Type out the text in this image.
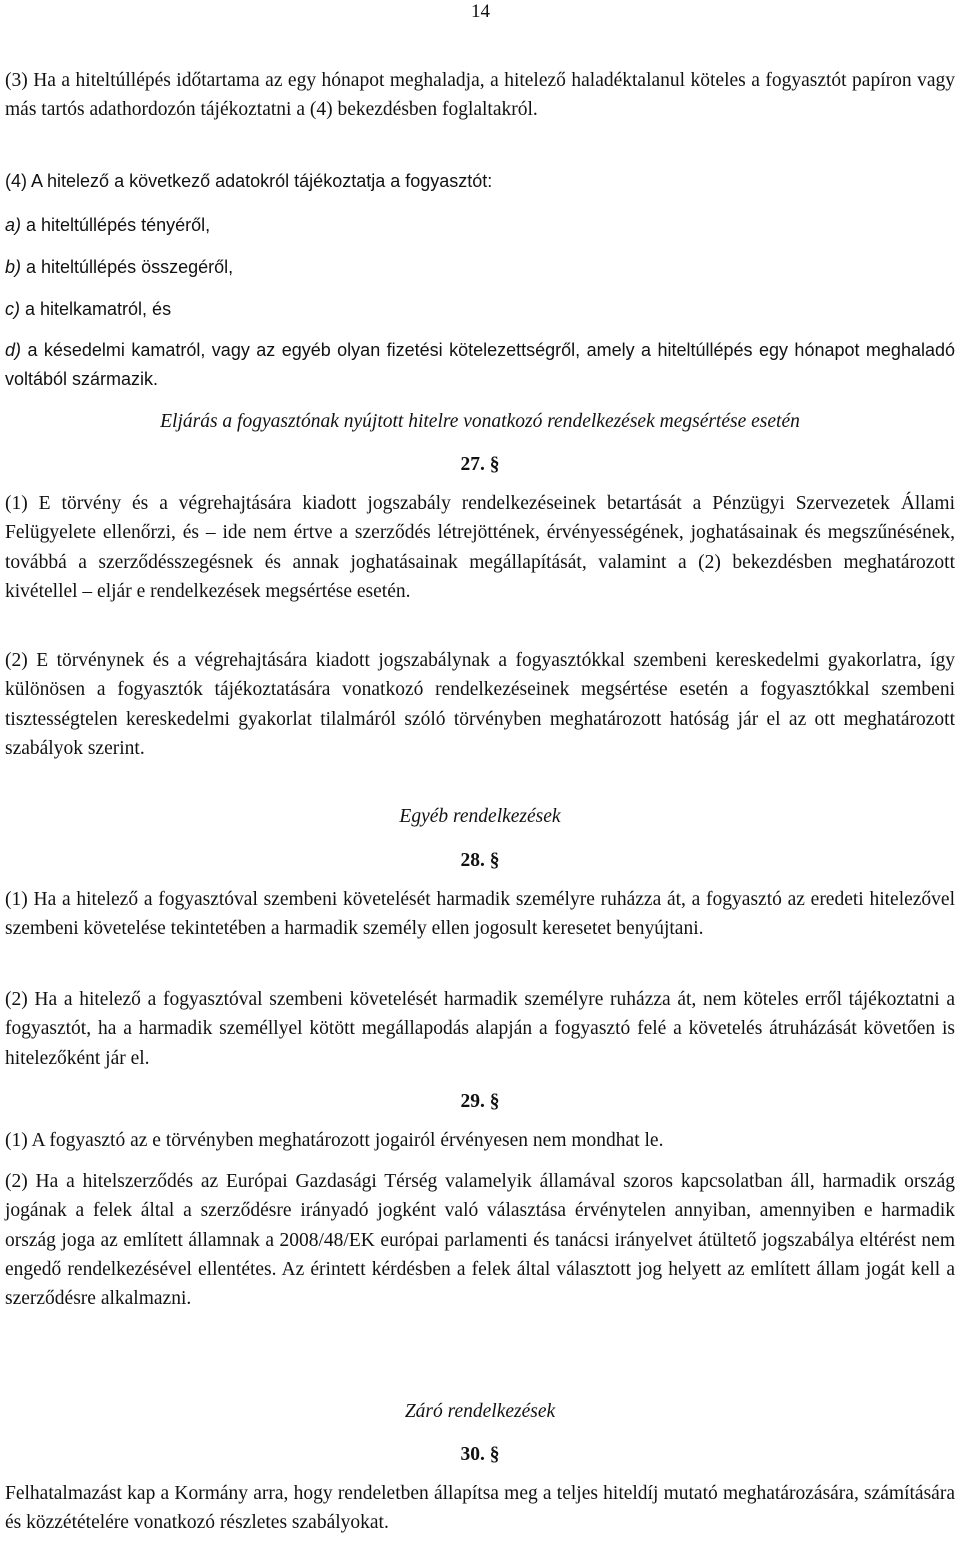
14

(3) Ha a hiteltúllépés időtartama az egy hónapot meghaladja, a hitelező haladéktalanul köteles a fogyasztót papíron vagy más tartós adathordozón tájékoztatni a (4) bekezdésben foglaltakról.

(4) A hitelező a következő adatokról tájékoztatja a fogyasztót:

a) a hiteltúllépés tényéről,

b) a hiteltúllépés összegéről,

c) a hitelkamatról, és

d) a késedelmi kamatról, vagy az egyéb olyan fizetési kötelezettségről, amely a hiteltúllépés egy hónapot meghaladó voltából származik.

Eljárás a fogyasztónak nyújtott hitelre vonatkozó rendelkezések megsértése esetén

27. §

(1) E törvény és a végrehajtására kiadott jogszabály rendelkezéseinek betartását a Pénzügyi Szervezetek Állami Felügyelete ellenőrzi, és – ide nem értve a szerződés létrejöttének, érvényességének, joghatásainak és megszűnésének, továbbá a szerződésszegésnek és annak joghatásainak megállapítását, valamint a (2) bekezdésben meghatározott kivétellel – eljár e rendelkezések megsértése esetén.

(2) E törvénynek és a végrehajtására kiadott jogszabálynak a fogyasztókkal szembeni kereskedelmi gyakorlatra, így különösen a fogyasztók tájékoztatására vonatkozó rendelkezéseinek megsértése esetén a fogyasztókkal szembeni tisztességtelen kereskedelmi gyakorlat tilalmáról szóló törvényben meghatározott hatóság jár el az ott meghatározott szabályok szerint.

Egyéb rendelkezések

28. §

(1) Ha a hitelező a fogyasztóval szembeni követelését harmadik személyre ruházza át, a fogyasztó az eredeti hitelezővel szembeni követelése tekintetében a harmadik személy ellen jogosult keresetet benyújtani.

(2) Ha a hitelező a fogyasztóval szembeni követelését harmadik személyre ruházza át, nem köteles erről tájékoztatni a fogyasztót, ha a harmadik személlyel kötött megállapodás alapján a fogyasztó felé a követelés átruházását követően is hitelezőként jár el.

29. §

(1) A fogyasztó az e törvényben meghatározott jogairól érvényesen nem mondhat le.

(2) Ha a hitelszerződés az Európai Gazdasági Térség valamelyik államával szoros kapcsolatban áll, harmadik ország jogának a felek által a szerződésre irányadó jogként való választása érvénytelen annyiban, amennyiben e harmadik ország joga az említett államnak a 2008/48/EK európai parlamenti és tanácsi irányelvet átültető jogszabálya eltérést nem engedő rendelkezésével ellentétes. Az érintett kérdésben a felek által választott jog helyett az említett állam jogát kell a szerződésre alkalmazni.

Záró rendelkezések

30. §

Felhatalmazást kap a Kormány arra, hogy rendeletben állapítsa meg a teljes hiteldíj mutató meghatározására, számítására és közzétételére vonatkozó részletes szabályokat.
